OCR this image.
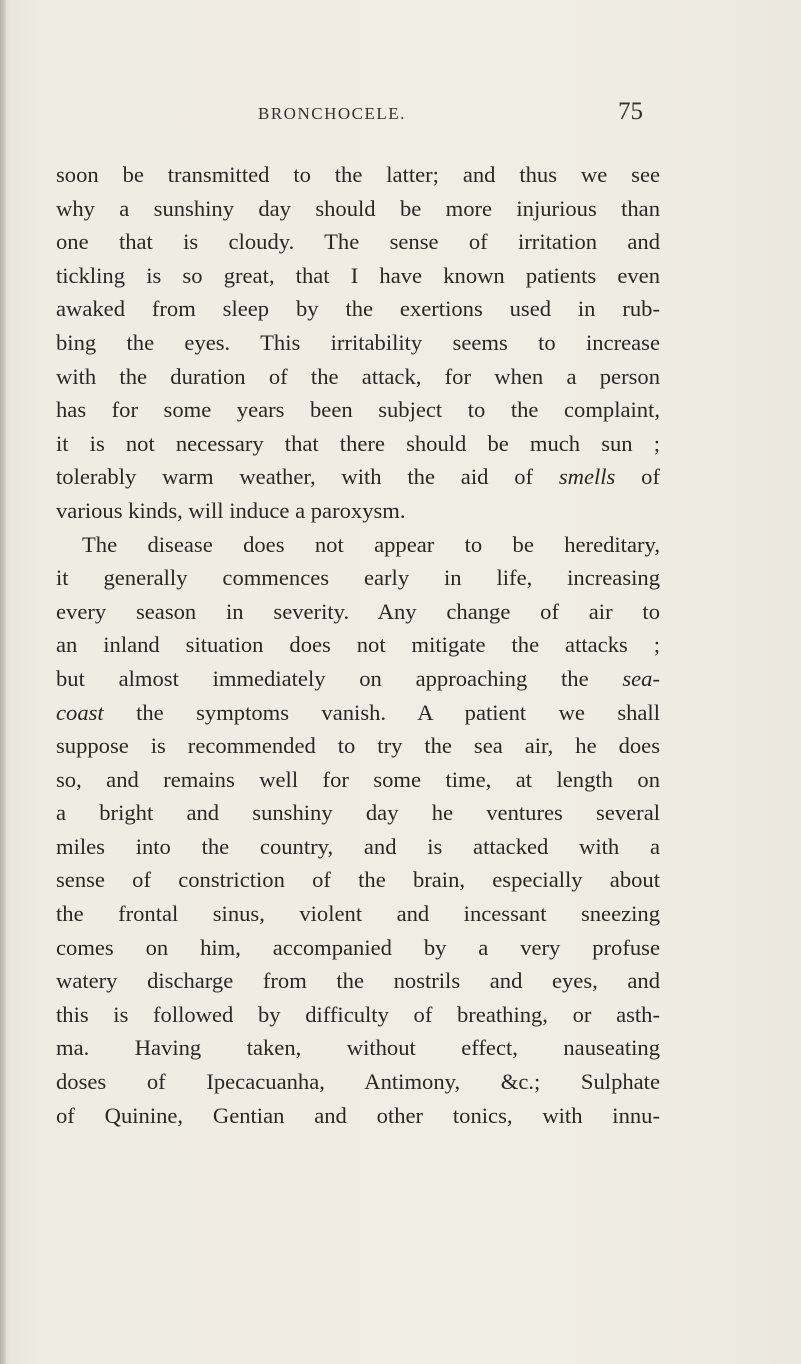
BRONCHOCELE.	75
soon be transmitted to the latter; and thus we see
why a sunshiny day should be more injurious than
one that is cloudy. The sense of irritation and
tickling is so great, that I have known patients even
awaked from sleep by the exertions used in rub-
bing the eyes. This irritability seems to increase
with the duration of the attack, for when a person
has for some years been subject to the complaint,
it is not necessary that there should be much sun ;
tolerably warm weather, with the aid of smells of
various kinds, will induce a paroxysm.
The disease does not appear to be hereditary,
it generally commences early in life, increasing
every season in severity. Any change of air to
an inland situation does not mitigate the attacks ;
but almost immediately on approaching the sea-
coast the symptoms vanish. A patient we shall
suppose is recommended to try the sea air, he does
so, and remains well for some time, at length on
a bright and sunshiny day he ventures several
miles into the country, and is attacked with a
sense of constriction of the brain, especially about
the frontal sinus, violent and incessant sneezing
comes on him, accompanied by a very profuse
watery discharge from the nostrils and eyes, and
this is followed by difficulty of breathing, or asth-
ma. Having taken, without effect, nauseating
doses of Ipecacuanha, Antimony, &c.; Sulphate
of Quinine, Gentian and other tonics, with innu-
